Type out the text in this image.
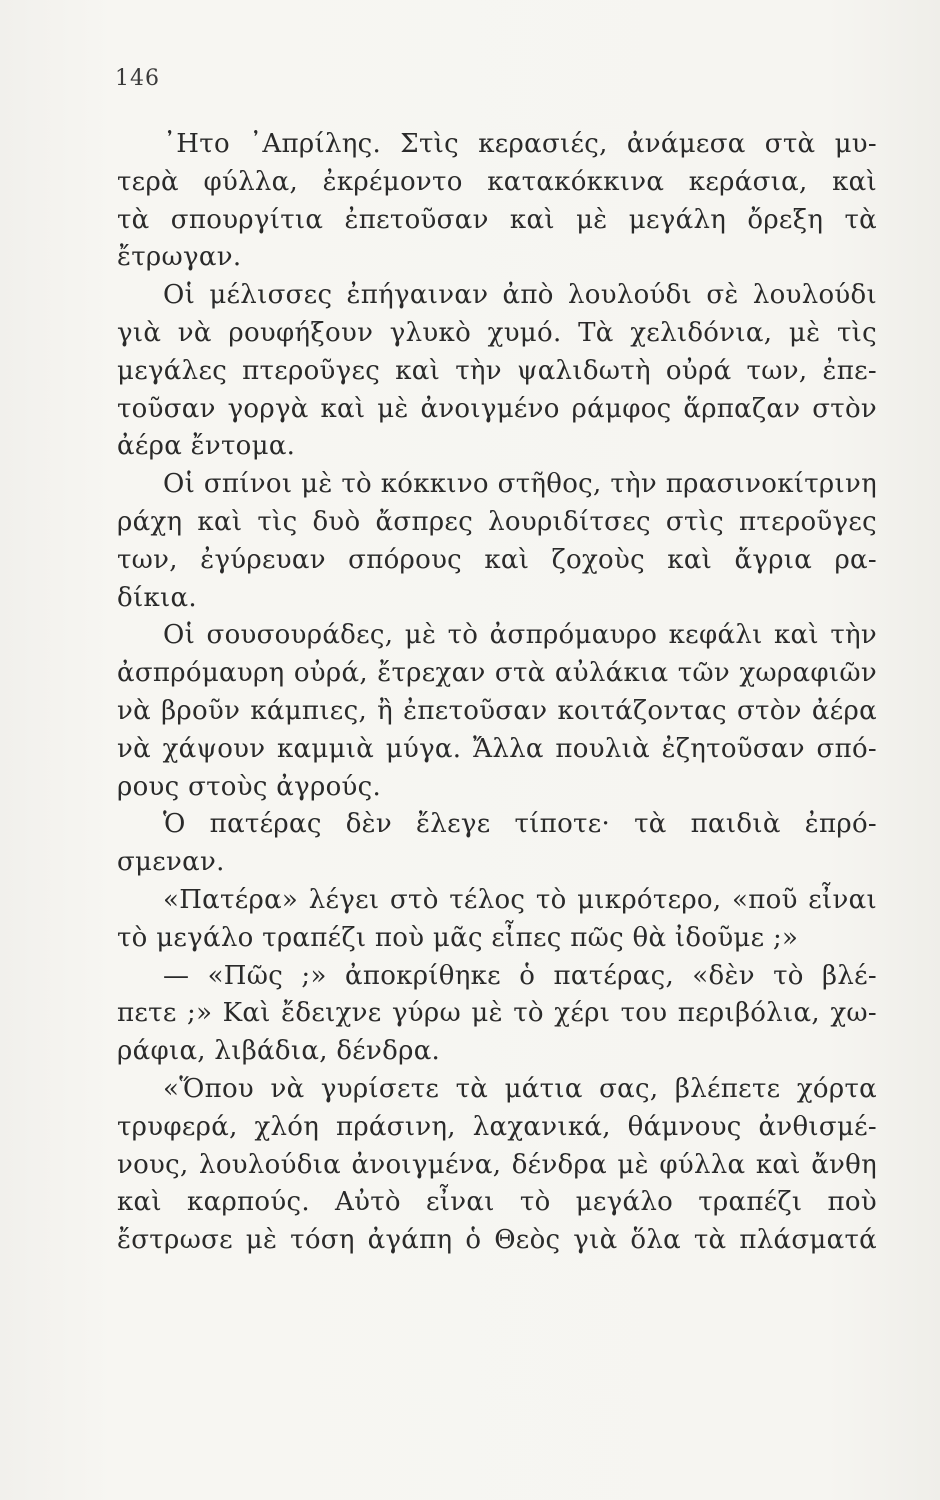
146
᾿Ητο ᾿Απρίλης. Στὶς κερασιές, ἀνάμεσα στὰ μυ-
τερὰ φύλλα, ἐκρέμοντο κατακόκκινα κεράσια, καὶ
τὰ σπουργίτια ἐπετοῦσαν καὶ μὲ μεγάλη ὄρεξη τὰ
ἔτρωγαν.
Οἱ μέλισσες ἐπήγαιναν ἀπὸ λουλούδι σὲ λουλούδι
γιὰ νὰ ρουφήξουν γλυκὸ χυμό. Τὰ χελιδόνια, μὲ τὶς
μεγάλες πτεροῦγες καὶ τὴν ψαλιδωτὴ οὐρά των, ἐπε-
τοῦσαν γοργὰ καὶ μὲ ἀνοιγμένο ράμφος ἅρπαζαν στὸν
ἀέρα ἔντομα.
Οἱ σπίνοι μὲ τὸ κόκκινο στῆθος, τὴν πρασινοκίτρινη
ράχη καὶ τὶς δυὸ ἄσπρες λουριδίτσες στὶς πτεροῦγες
των, ἐγύρευαν σπόρους καὶ ζοχοὺς καὶ ἄγρια ρα-
δίκια.
Οἱ σουσουράδες, μὲ τὸ ἀσπρόμαυρο κεφάλι καὶ τὴν
ἀσπρόμαυρη οὐρά, ἔτρεχαν στὰ αὐλάκια τῶν χωραφιῶν
νὰ βροῦν κάμπιες, ἢ ἐπετοῦσαν κοιτάζοντας στὸν ἀέρα
νὰ χάψουν καμμιὰ μύγα. Ἄλλα πουλιὰ ἐζητοῦσαν σπό-
ρους στοὺς ἀγρούς.
Ὁ πατέρας δὲν ἔλεγε τίποτε· τὰ παιδιὰ ἐπρό-
σμεναν.
«Πατέρα» λέγει στὸ τέλος τὸ μικρότερο, «ποῦ εἶναι
τὸ μεγάλο τραπέζι ποὺ μᾶς εἶπες πῶς θὰ ἰδοῦμε ;»
— «Πῶς ;» ἀποκρίθηκε ὁ πατέρας, «δὲν τὸ βλέ-
πετε ;» Καὶ ἔδειχνε γύρω μὲ τὸ χέρι του περιβόλια, χω-
ράφια, λιβάδια, δένδρα.
«Ὅπου νὰ γυρίσετε τὰ μάτια σας, βλέπετε χόρτα
τρυφερά, χλόη πράσινη, λαχανικά, θάμνους ἀνθισμέ-
νους, λουλούδια ἀνοιγμένα, δένδρα μὲ φύλλα καὶ ἄνθη
καὶ καρπούς. Αὐτὸ εἶναι τὸ μεγάλο τραπέζι ποὺ
ἔστρωσε μὲ τόση ἀγάπη ὁ Θεὸς γιὰ ὅλα τὰ πλάσματά
